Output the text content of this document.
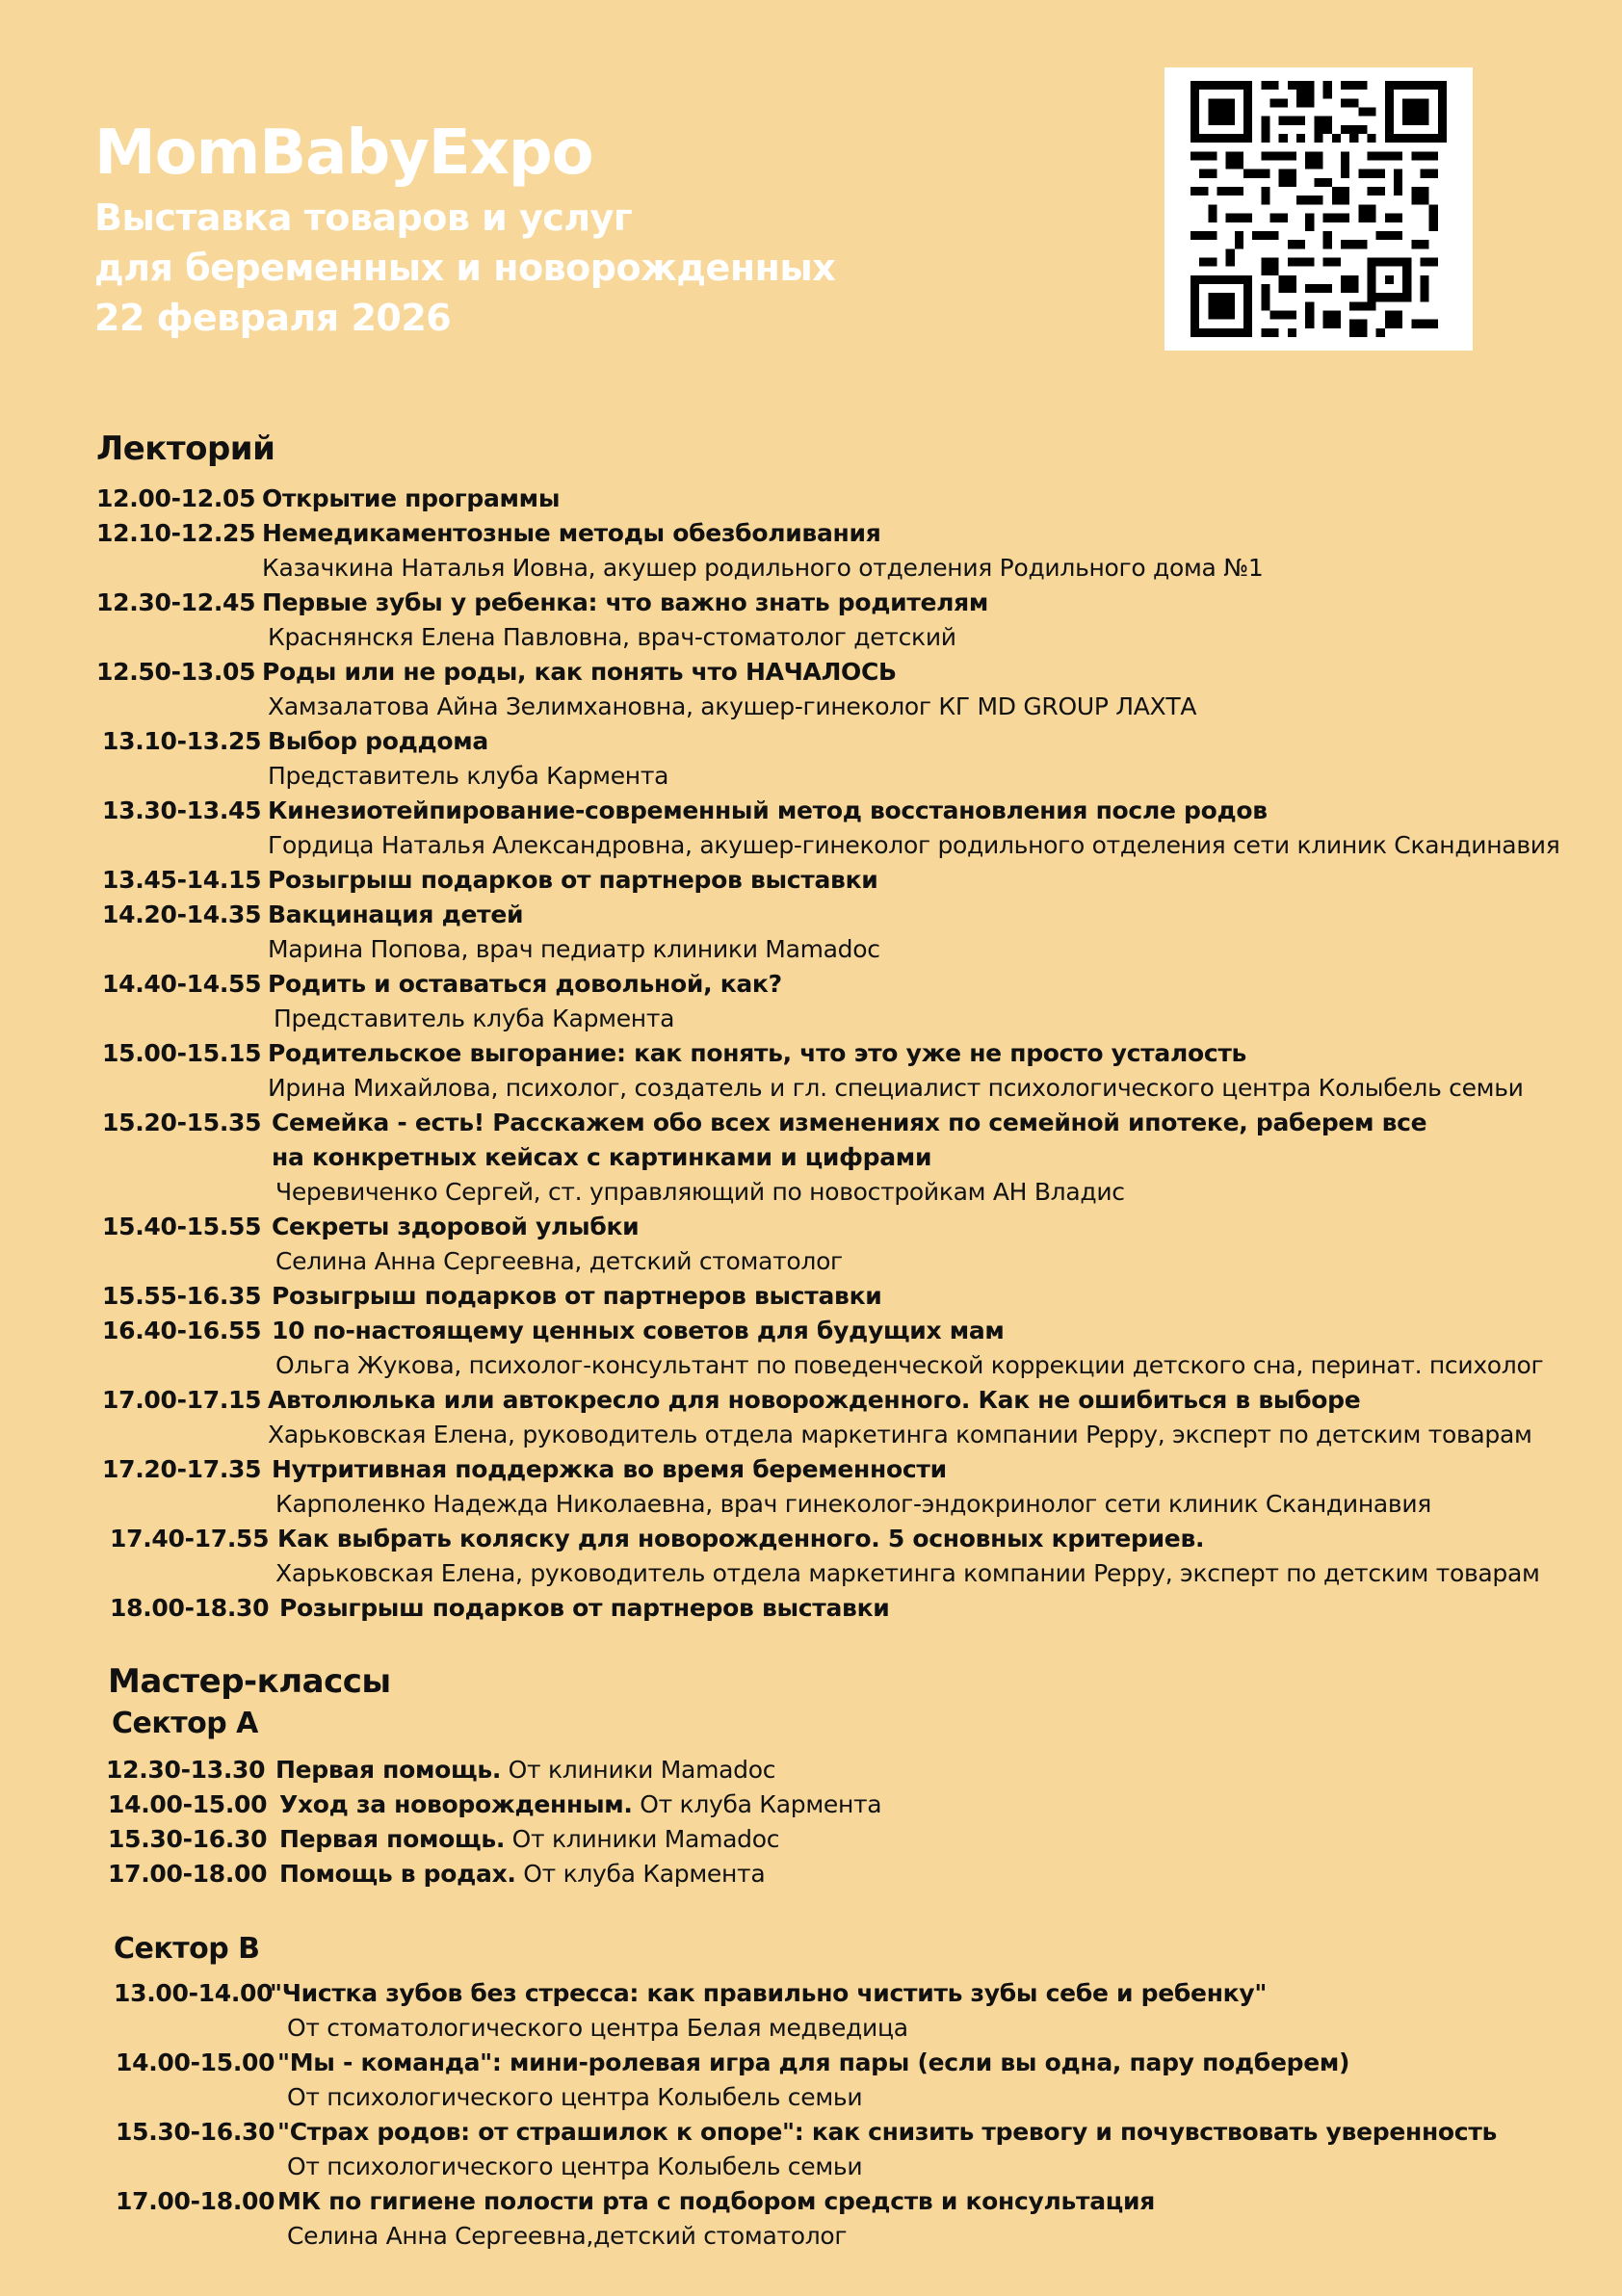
MomBabyExpo
Выставка товаров и услуг
для беременных и новорожденных
22 февраля 2026
Лекторий
12.00-12.05 Открытие программы
12.10-12.25 Немедикаментозные методы обезболивания
Казачкина Наталья Иовна, акушер родильного отделения Родильного дома №1
12.30-12.45 Первые зубы у ребенка: что важно знать родителям
Краснянскя Елена Павловна, врач-стоматолог детский
12.50-13.05 Роды или не роды, как понять что НАЧАЛОСЬ
Хамзалатова Айна Зелимхановна, акушер-гинеколог КГ MD GROUP ЛАХТА
13.10-13.25 Выбор роддома
Представитель клуба Кармента
13.30-13.45 Кинезиотейпирование-современный метод восстановления после родов
Гордица Наталья Александровна, акушер-гинеколог родильного отделения сети клиник Скандинавия
13.45-14.15 Розыгрыш подарков от партнеров выставки
14.20-14.35 Вакцинация детей
Марина Попова, врач педиатр клиники Mamadoc
14.40-14.55 Родить и оставаться довольной, как?
Представитель клуба Кармента
15.00-15.15 Родительское выгорание: как понять, что это уже не просто усталость
Ирина Михайлова, психолог, создатель и гл. специалист психологического центра Колыбель семьи
15.20-15.35 Семейка - есть! Расскажем обо всех изменениях по семейной ипотеке, раберем все
на конкретных кейсах с картинками и цифрами
Черевиченко Сергей, ст. управляющий по новостройкам АН Владис
15.40-15.55 Секреты здоровой улыбки
Селина Анна Сергеевна, детский стоматолог
15.55-16.35 Розыгрыш подарков от партнеров выставки
16.40-16.55 10 по-настоящему ценных советов для будущих мам
Ольга Жукова, психолог-консультант по поведенческой коррекции детского сна, перинат. психолог
17.00-17.15 Автолюлька или автокресло для новорожденного. Как не ошибиться в выборе
Харьковская Елена, руководитель отдела маркетинга компании Peppy, эксперт по детским товарам
17.20-17.35 Нутритивная поддержка во время беременности
Карполенко Надежда Николаевна, врач гинеколог-эндокринолог сети клиник Скандинавия
17.40-17.55 Как выбрать коляску для новорожденного. 5 основных критериев.
Харьковская Елена, руководитель отдела маркетинга компании Peppy, эксперт по детским товарам
18.00-18.30 Розыгрыш подарков от партнеров выставки
Мастер-классы
Сектор А
12.30-13.30 Первая помощь. От клиники Mamadoc
14.00-15.00 Уход за новорожденным. От клуба Кармента
15.30-16.30 Первая помощь. От клиники Mamadoc
17.00-18.00 Помощь в родах. От клуба Кармента
Сектор В
13.00-14.00"Чистка зубов без стресса: как правильно чистить зубы себе и ребенку"
От стоматологического центра Белая медведица
14.00-15.00 "Мы - команда": мини-ролевая игра для пары (если вы одна, пару подберем)
От психологического центра Колыбель семьи
15.30-16.30 "Страх родов: от страшилок к опоре": как снизить тревогу и почувствовать уверенность
От психологического центра Колыбель семьи
17.00-18.00 МК по гигиене полости рта с подбором средств и консультация
Селина Анна Сергеевна,детский стоматолог
